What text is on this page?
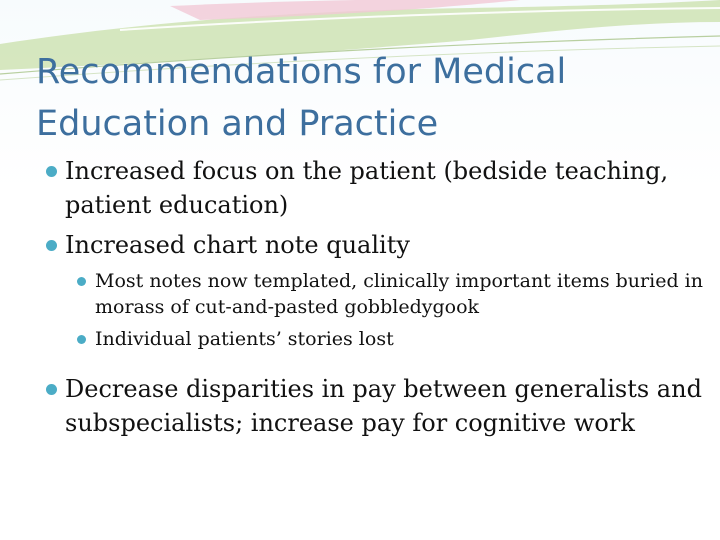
Recommendations for Medical Education and Practice
Increased focus on the patient (bedside teaching, patient education)
Increased chart note quality
Most notes now templated, clinically important items buried in morass of cut-and-pasted gobbledygook
Individual patients’ stories lost
Decrease disparities in pay between generalists and subspecialists; increase pay for cognitive work
